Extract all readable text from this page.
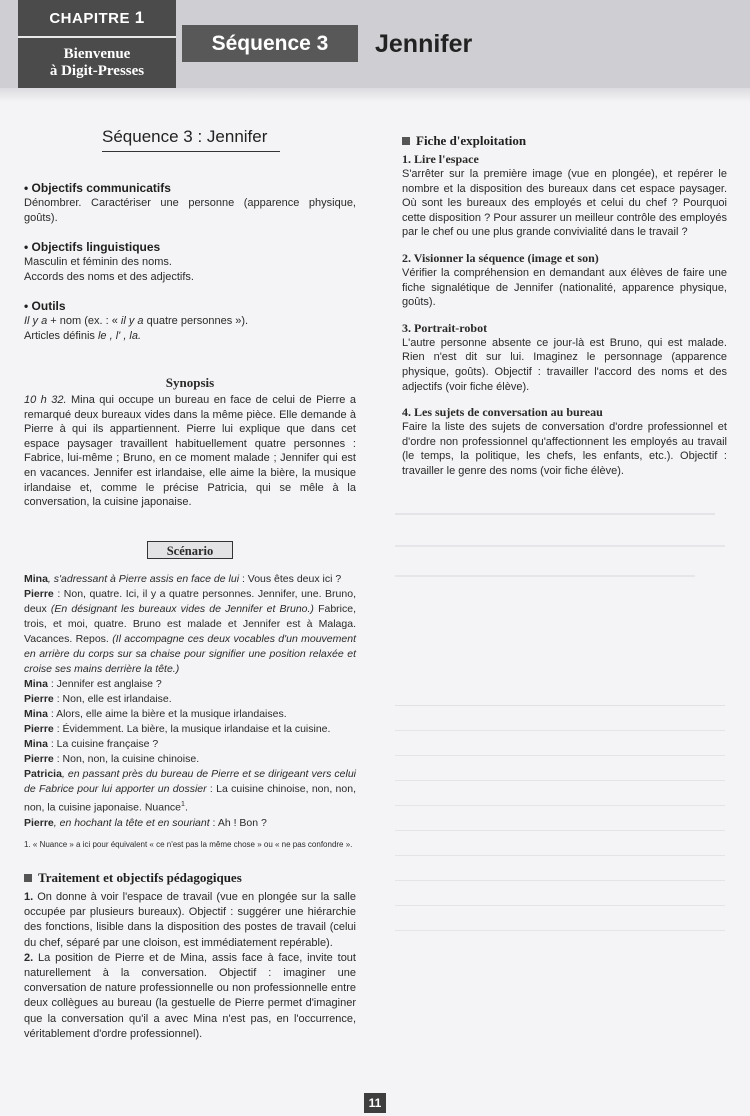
CHAPITRE 1
Bienvenue
à Digit-Presses
Séquence 3	Jennifer
Séquence 3 : Jennifer
• Objectifs communicatifs

Dénombrer. Caractériser une personne (apparence physique, goûts).

• Objectifs linguistiques

Masculin et féminin des noms.

Accords des noms et des adjectifs.

• Outils

Il y a + nom (ex. : « il y a quatre personnes »).

Articles définis le , l' , la.

Synopsis

10 h 32. Mina qui occupe un bureau en face de celui de Pierre a remarqué deux bureaux vides dans la même pièce. Elle demande à Pierre à qui ils appartiennent. Pierre lui explique que dans cet espace paysager travaillent habituellement quatre personnes : Fabrice, lui-même ; Bruno, en ce moment malade ; Jennifer qui est en vacances. Jennifer est irlandaise, elle aime la bière, la musique irlandaise et, comme le précise Patricia, qui se mêle à la conversation, la cuisine japonaise.

Scénario

Mina, s'adressant à Pierre assis en face de lui : Vous êtes deux ici ?

Pierre : Non, quatre. Ici, il y a quatre personnes. Jennifer, une. Bruno, deux (En désignant les bureaux vides de Jennifer et Bruno.) Fabrice, trois, et moi, quatre. Bruno est malade et Jennifer est à Malaga. Vacances. Repos. (Il accompagne ces deux vocables d'un mouvement en arrière du corps sur sa chaise pour signifier une position relaxée et croise ses mains derrière la tête.)

Mina : Jennifer est anglaise ?

Pierre : Non, elle est irlandaise.

Mina : Alors, elle aime la bière et la musique irlandaises.

Pierre : Évidemment. La bière, la musique irlandaise et la cuisine.

Mina : La cuisine française ?

Pierre : Non, non, la cuisine chinoise.

Patricia, en passant près du bureau de Pierre et se dirigeant vers celui de Fabrice pour lui apporter un dossier : La cuisine chinoise, non, non, non, la cuisine japonaise. Nuance$^1$.

Pierre, en hochant la tête et en souriant : Ah ! Bon ?

1. « Nuance » a ici pour équivalent « ce n'est pas la même chose » ou « ne pas confondre ».

Traitement et objectifs pédagogiques

1. On donne à voir l'espace de travail (vue en plongée sur la salle occupée par plusieurs bureaux). Objectif : suggérer une hiérarchie des fonctions, lisible dans la disposition des postes de travail (celui du chef, séparé par une cloison, est immédiatement repérable).

2. La position de Pierre et de Mina, assis face à face, invite tout naturellement à la conversation. Objectif : imaginer une conversation de nature professionnelle ou non professionnelle entre deux collègues au bureau (la gestuelle de Pierre permet d'imaginer que la conversation qu'il a avec Mina n'est pas, en l'occurrence, véritablement d'ordre professionnel).

Fiche d'exploitation
1. Lire l'espace

S'arrêter sur la première image (vue en plongée), et repérer le nombre et la disposition des bureaux dans cet espace paysager. Où sont les bureaux des employés et celui du chef ? Pourquoi cette disposition ? Pour assurer un meilleur contrôle des employés par le chef ou une plus grande convivialité dans le travail ?

2. Visionner la séquence (image et son)

Vérifier la compréhension en demandant aux élèves de faire une fiche signalétique de Jennifer (nationalité, apparence physique, goûts).

3. Portrait-robot

L'autre personne absente ce jour-là est Bruno, qui est malade. Rien n'est dit sur lui. Imaginez le personnage (apparence physique, goûts). Objectif : travailler l'accord des noms et des adjectifs (voir fiche élève).

4. Les sujets de conversation au bureau

Faire la liste des sujets de conversation d'ordre professionnel et d'ordre non professionnel qu'affectionnent les employés au travail (le temps, la politique, les chefs, les enfants, etc.). Objectif : travailler le genre des noms (voir fiche élève).

11
